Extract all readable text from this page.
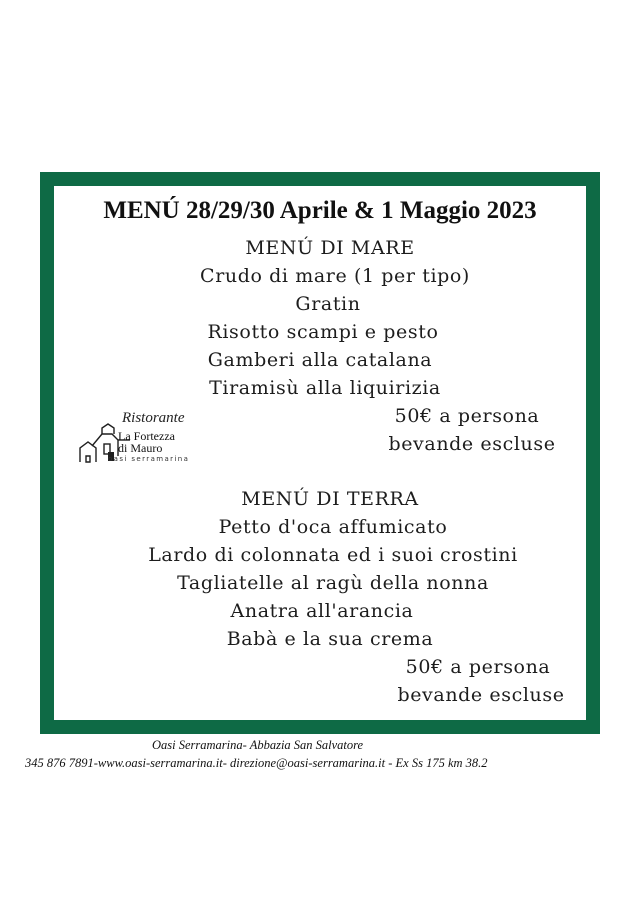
MENÚ 28/29/30 Aprile & 1 Maggio 2023
MENÚ DI MARE
Crudo di mare (1 per tipo)
Gratin
Risotto scampi e pesto
Gamberi alla catalana
Tiramisù alla liquirizia
50€ a persona
bevande escluse
Ristorante
La Fortezza
di Mauro
oasi serramarina
MENÚ DI TERRA
Petto d'oca affumicato
Lardo di colonnata ed i suoi crostini
Tagliatelle al ragù della nonna
Anatra all'arancia
Babà e la sua crema
50€ a persona
bevande escluse
Oasi Serramarina- Abbazia San Salvatore
345 876 7891-www.oasi-serramarina.it- direzione@oasi-serramarina.it - Ex Ss 175 km 38.2
